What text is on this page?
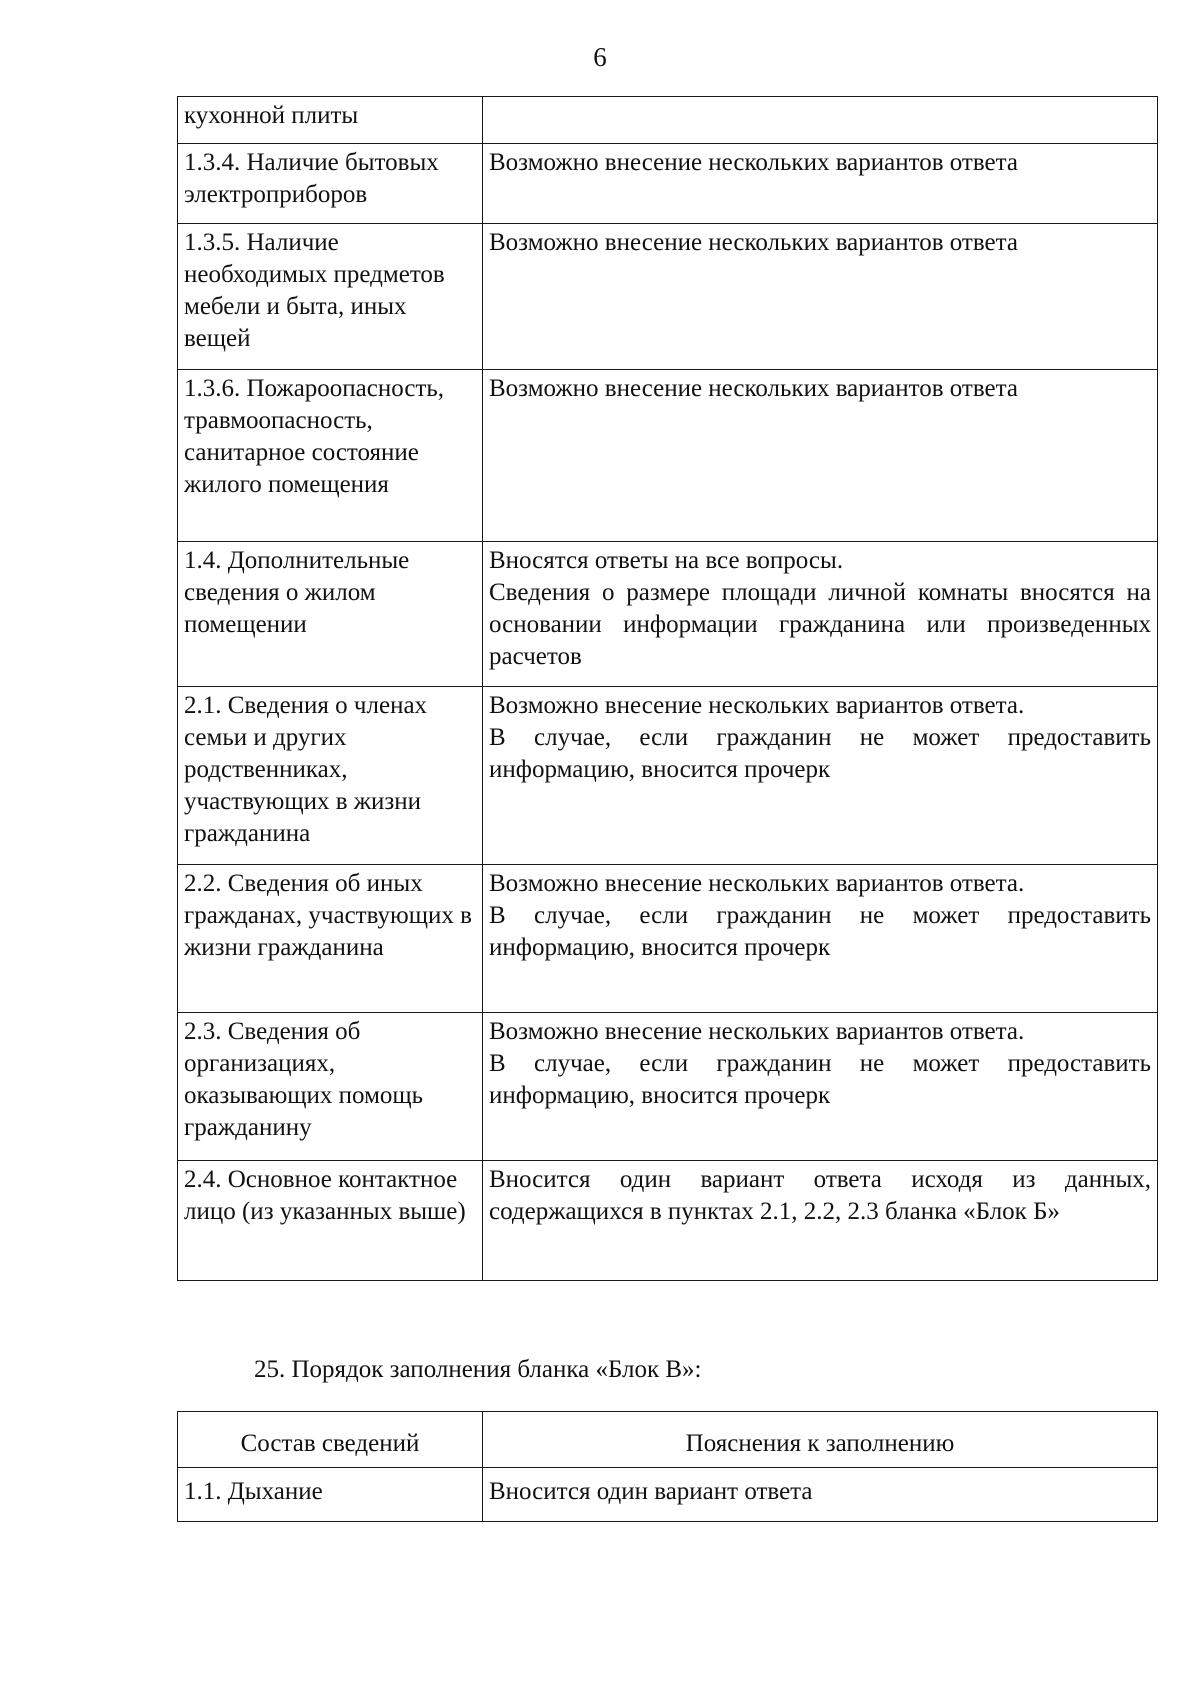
6
кухонной плиты	
1.3.4. Наличие бытовых электроприборов	Возможно внесение нескольких вариантов ответа

1.3.5. Наличие необходимых предметов мебели и быта, иных вещей	Возможно внесение нескольких вариантов ответа

1.3.6. Пожароопасность, травмоопасность, санитарное состояние жилого помещения	Возможно внесение нескольких вариантов ответа

1.4. Дополнительные сведения о жилом помещении	Вносятся ответы на все вопросы.
Сведения о размере площади личной комнаты вносятся на основании информации гражданина или произведенных расчетов

2.1. Сведения о членах семьи и других родственниках, участвующих в жизни гражданина	Возможно внесение нескольких вариантов ответа.
В случае, если гражданин не может предоставить информацию, вносится прочерк

2.2. Сведения об иных гражданах, участвующих в жизни гражданина	Возможно внесение нескольких вариантов ответа.
В случае, если гражданин не может предоставить информацию, вносится прочерк

2.3. Сведения об организациях, оказывающих помощь гражданину	Возможно внесение нескольких вариантов ответа.
В случае, если гражданин не может предоставить информацию, вносится прочерк

2.4. Основное контактное лицо (из указанных выше)	Вносится один вариант ответа исходя из данных, содержащихся в пунктах 2.1, 2.2, 2.3 бланка «Блок Б»
25. Порядок заполнения бланка «Блок В»:
Состав сведений	Пояснения к заполнению
1.1. Дыхание	Вносится один вариант ответа
